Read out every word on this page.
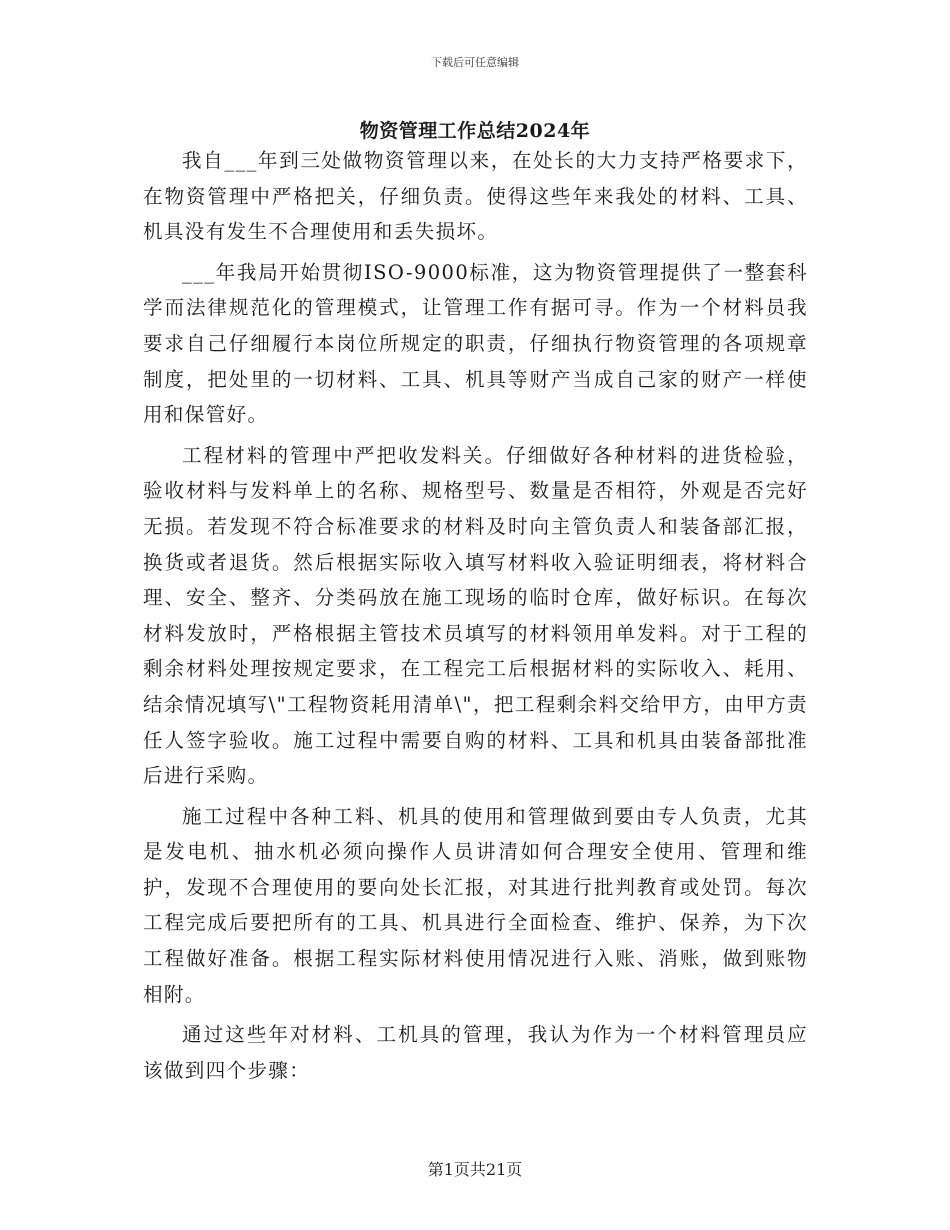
下载后可任意编辑
物资管理工作总结2024年

我自___年到三处做物资管理以来，在处长的大力支持严格要求下，在物资管理中严格把关，仔细负责。使得这些年来我处的材料、工具、机具没有发生不合理使用和丢失损坏。

___年我局开始贯彻ISO-9000标准，这为物资管理提供了一整套科学而法律规范化的管理模式，让管理工作有据可寻。作为一个材料员我要求自己仔细履行本岗位所规定的职责，仔细执行物资管理的各项规章制度，把处里的一切材料、工具、机具等财产当成自己家的财产一样使用和保管好。

工程材料的管理中严把收发料关。仔细做好各种材料的进货检验，验收材料与发料单上的名称、规格型号、数量是否相符，外观是否完好无损。若发现不符合标准要求的材料及时向主管负责人和装备部汇报，换货或者退货。然后根据实际收入填写材料收入验证明细表，将材料合理、安全、整齐、分类码放在施工现场的临时仓库，做好标识。在每次材料发放时，严格根据主管技术员填写的材料领用单发料。对于工程的剩余材料处理按规定要求，在工程完工后根据材料的实际收入、耗用、结余情况填写\"工程物资耗用清单\"，把工程剩余料交给甲方，由甲方责任人签字验收。施工过程中需要自购的材料、工具和机具由装备部批准后进行采购。

施工过程中各种工料、机具的使用和管理做到要由专人负责，尤其是发电机、抽水机必须向操作人员讲清如何合理安全使用、管理和维护，发现不合理使用的要向处长汇报，对其进行批判教育或处罚。每次工程完成后要把所有的工具、机具进行全面检查、维护、保养，为下次工程做好准备。根据工程实际材料使用情况进行入账、消账，做到账物相附。

通过这些年对材料、工机具的管理，我认为作为一个材料管理员应该做到四个步骤：

第1页共21页
